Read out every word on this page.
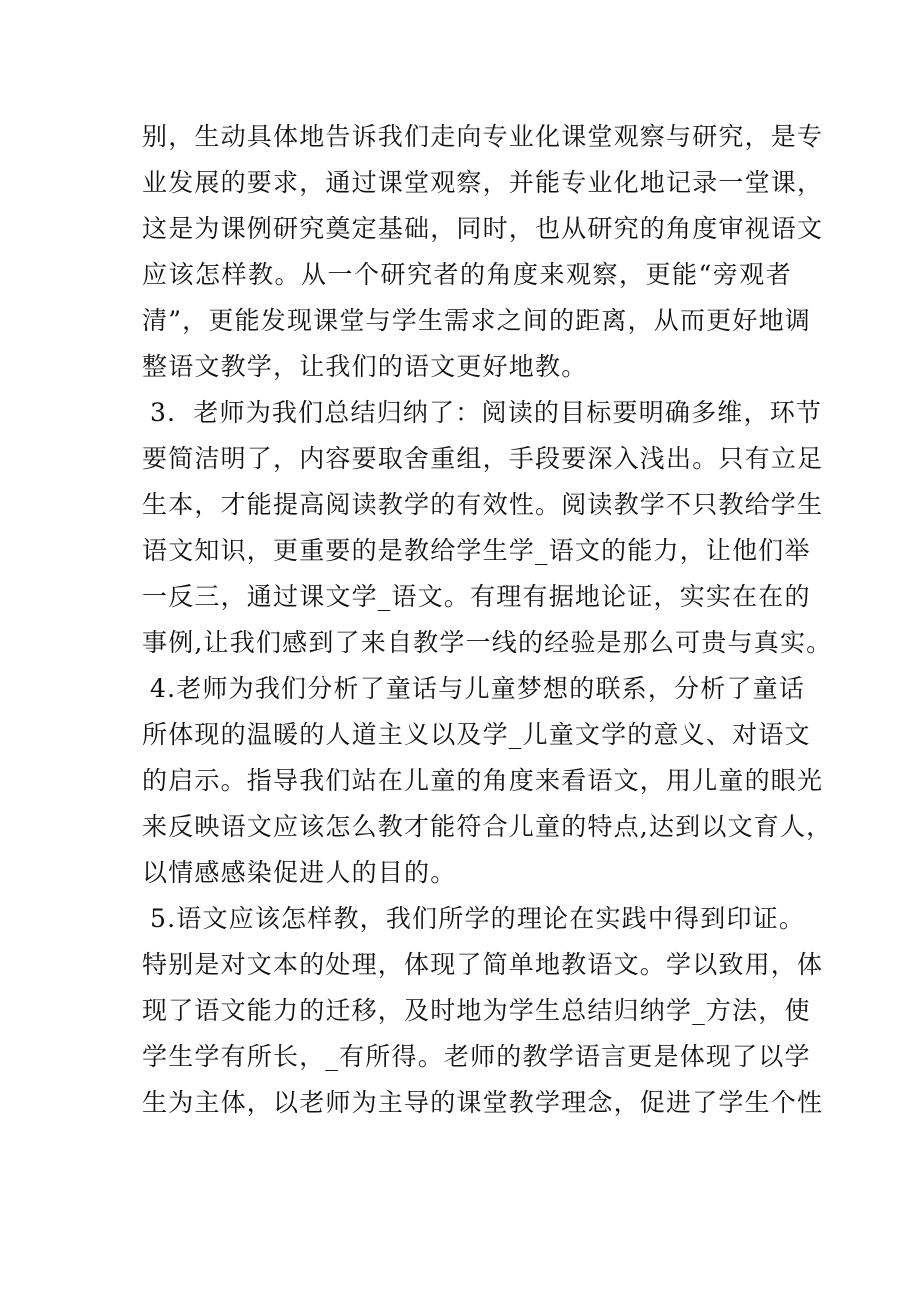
别，生动具体地告诉我们走向专业化课堂观察与研究，是专
业发展的要求，通过课堂观察，并能专业化地记录一堂课，
这是为课例研究奠定基础，同时，也从研究的角度审视语文
应该怎样教。从一个研究者的角度来观察，更能“旁观者
清”，更能发现课堂与学生需求之间的距离，从而更好地调
整语文教学，让我们的语文更好地教。
3．老师为我们总结归纳了：阅读的目标要明确多维，环节
要简洁明了，内容要取舍重组，手段要深入浅出。只有立足
生本，才能提高阅读教学的有效性。阅读教学不只教给学生
语文知识，更重要的是教给学生学_语文的能力，让他们举
一反三，通过课文学_语文。有理有据地论证，实实在在的
事例,让我们感到了来自教学一线的经验是那么可贵与真实。
4.老师为我们分析了童话与儿童梦想的联系，分析了童话
所体现的温暖的人道主义以及学_儿童文学的意义、对语文
的启示。指导我们站在儿童的角度来看语文，用儿童的眼光
来反映语文应该怎么教才能符合儿童的特点,达到以文育人，
以情感感染促进人的目的。
5.语文应该怎样教，我们所学的理论在实践中得到印证。
特别是对文本的处理，体现了简单地教语文。学以致用，体
现了语文能力的迁移，及时地为学生总结归纳学_方法，使
学生学有所长，_有所得。老师的教学语言更是体现了以学
生为主体，以老师为主导的课堂教学理念，促进了学生个性
